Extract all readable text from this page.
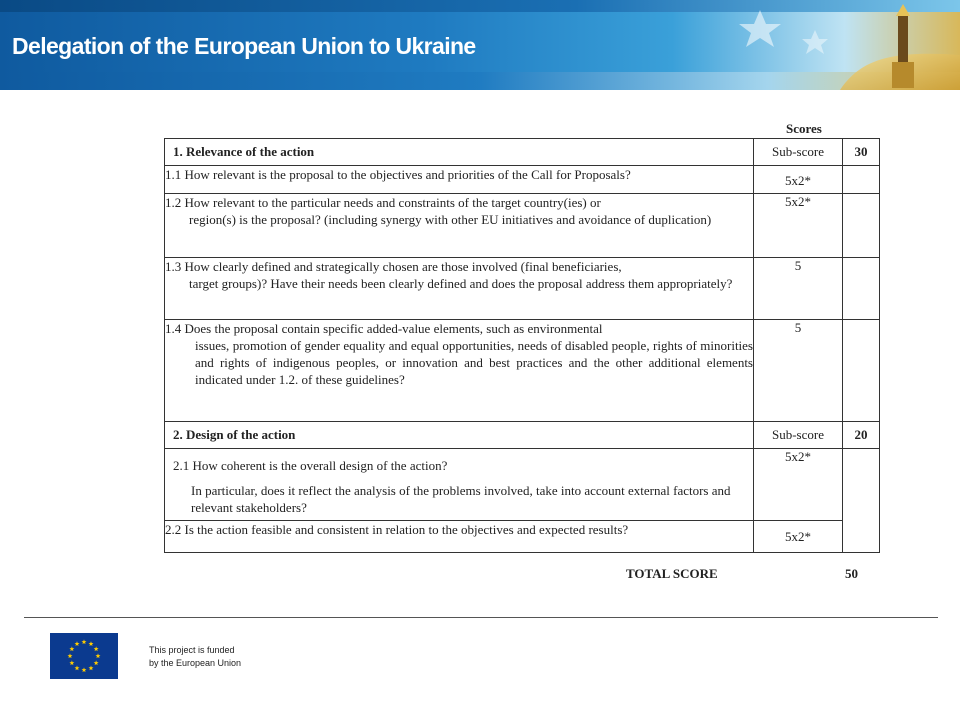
Delegation of the European Union to Ukraine
Scores
1. Relevance of the action	Sub-score	30
1.1 How relevant is the proposal to the objectives and priorities of the Call for Proposals?	5x2*	
1.2 How relevant to the particular needs and constraints of the target country(ies) or
region(s) is the proposal? (including synergy with other EU initiatives and avoidance of duplication)	5x2*	
1.3 How clearly defined and strategically chosen are those involved (final beneficiaries,
target groups)? Have their needs been clearly defined and does the proposal address them appropriately?	5	
1.4 Does the proposal contain specific added-value elements, such as environmental
issues, promotion of gender equality and equal opportunities, needs of disabled people, rights of minorities and rights of indigenous peoples, or innovation and best practices and the other additional elements indicated under 1.2. of these guidelines?	5	
2. Design of the action	Sub-score	20

2.1 How coherent is the overall design of the action?
In particular, does it reflect the analysis of the problems involved, take into account external factors and relevant stakeholders?	5x2*	
2.2 Is the action feasible and consistent in relation to the objectives and expected results?	5x2*	
TOTAL SCORE	50
This project is funded
by the European Union
